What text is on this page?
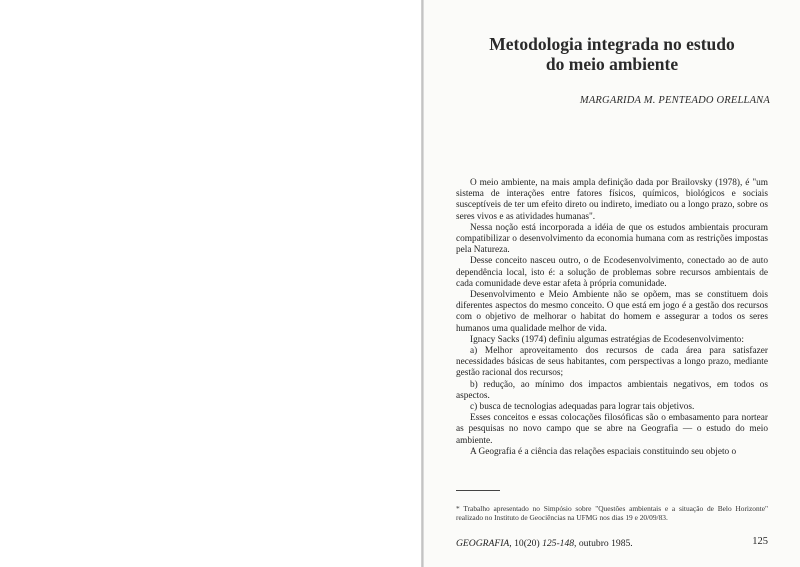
Metodologia integrada no estudo
do meio ambiente
MARGARIDA M. PENTEADO ORELLANA

O meio ambiente, na mais ampla definição dada por Brailovsky (1978), é "um sistema de interações entre fatores físicos, químicos, biológicos e sociais susceptíveis de ter um efeito direto ou indireto, imediato ou a longo prazo, sobre os seres vivos e as atividades humanas".

Nessa noção está incorporada a idéia de que os estudos ambientais procuram compatibilizar o desenvolvimento da economia humana com as restrições impostas pela Natureza.

Desse conceito nasceu outro, o de Ecodesenvolvimento, conectado ao de auto dependência local, isto é: a solução de problemas sobre recursos ambientais de cada comunidade deve estar afeta à própria comunidade.

Desenvolvimento e Meio Ambiente não se opõem, mas se constituem dois diferentes aspectos do mesmo conceito. O que está em jogo é a gestão dos recursos com o objetivo de melhorar o habitat do homem e assegurar a todos os seres humanos uma qualidade melhor de vida.

Ignacy Sacks (1974) definiu algumas estratégias de Ecodesenvolvimento:

a) Melhor aproveitamento dos recursos de cada área para satisfazer necessidades básicas de seus habitantes, com perspectivas a longo prazo, mediante gestão racional dos recursos;

b) redução, ao mínimo dos impactos ambientais negativos, em todos os aspectos.

c) busca de tecnologias adequadas para lograr tais objetivos.

Esses conceitos e essas colocações filosóficas são o embasamento para nortear as pesquisas no novo campo que se abre na Geografia — o estudo do meio ambiente.

A Geografia é a ciência das relações espaciais constituindo seu objeto o

* Trabalho apresentado no Simpósio sobre "Questões ambientais e a situação de Belo Horizonte" realizado no Instituto de Geociências na UFMG nos dias 19 e 20/09/83.
GEOGRAFIA, 10(20) 125-148, outubro 1985.	125
